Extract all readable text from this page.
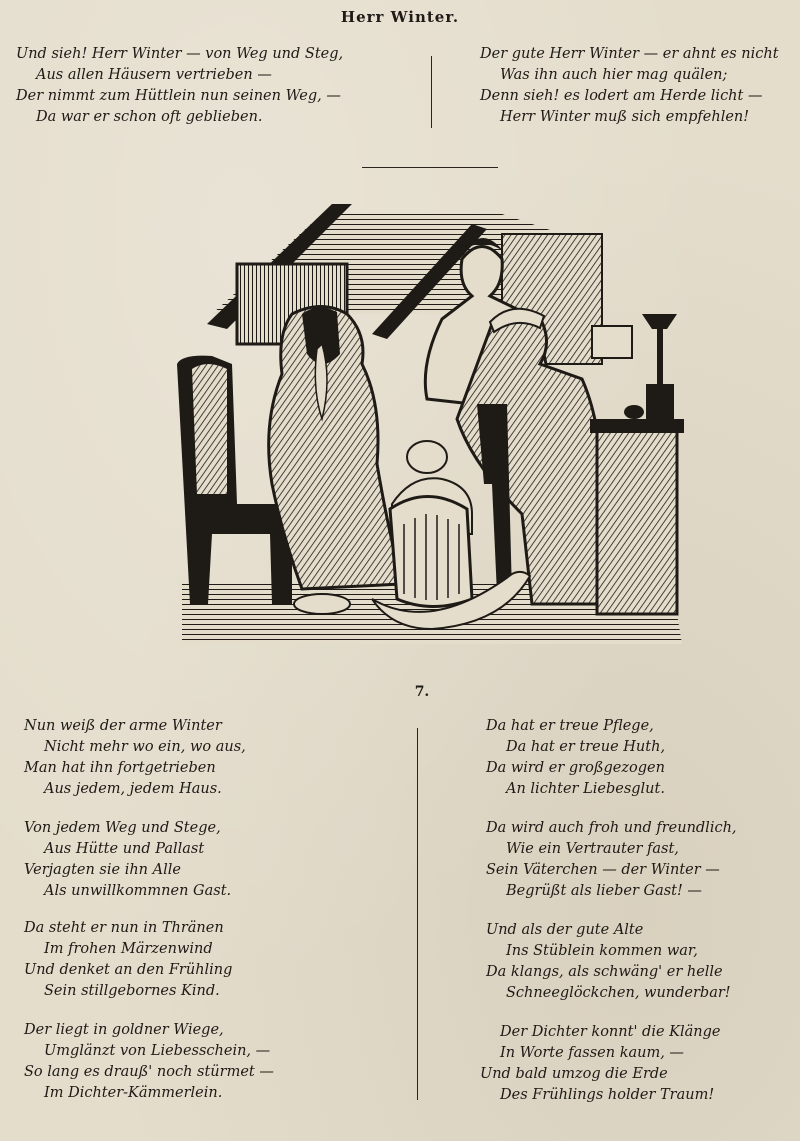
Herr Winter.
Und sieh! Herr Winter — von Weg und Steg,
Aus allen Häusern vertrieben —
Der nimmt zum Hüttlein nun seinen Weg, —
Da war er schon oft geblieben.
Der gute Herr Winter — er ahnt es nicht
Was ihn auch hier mag quälen;
Denn sieh! es lodert am Herde licht —
Herr Winter muß sich empfehlen!
7.
Nun weiß der arme Winter
Nicht mehr wo ein, wo aus,
Man hat ihn fortgetrieben
Aus jedem, jedem Haus.
Von jedem Weg und Stege,
Aus Hütte und Pallast
Verjagten sie ihn Alle
Als unwillkommnen Gast.
Da steht er nun in Thränen
Im frohen Märzenwind
Und denket an den Frühling
Sein stillgebornes Kind.
Der liegt in goldner Wiege,
Umglänzt von Liebesschein, —
So lang es drauß' noch stürmet —
Im Dichter-Kämmerlein.
Da hat er treue Pflege,
Da hat er treue Huth,
Da wird er großgezogen
An lichter Liebesglut.
Da wird auch froh und freundlich,
Wie ein Vertrauter fast,
Sein Väterchen — der Winter —
Begrüßt als lieber Gast! —
Und als der gute Alte
Ins Stüblein kommen war,
Da klangs, als schwäng' er helle
Schneeglöckchen, wunderbar!
Der Dichter konnt' die Klänge
In Worte fassen kaum, —
Und bald umzog die Erde
Des Frühlings holder Traum!
